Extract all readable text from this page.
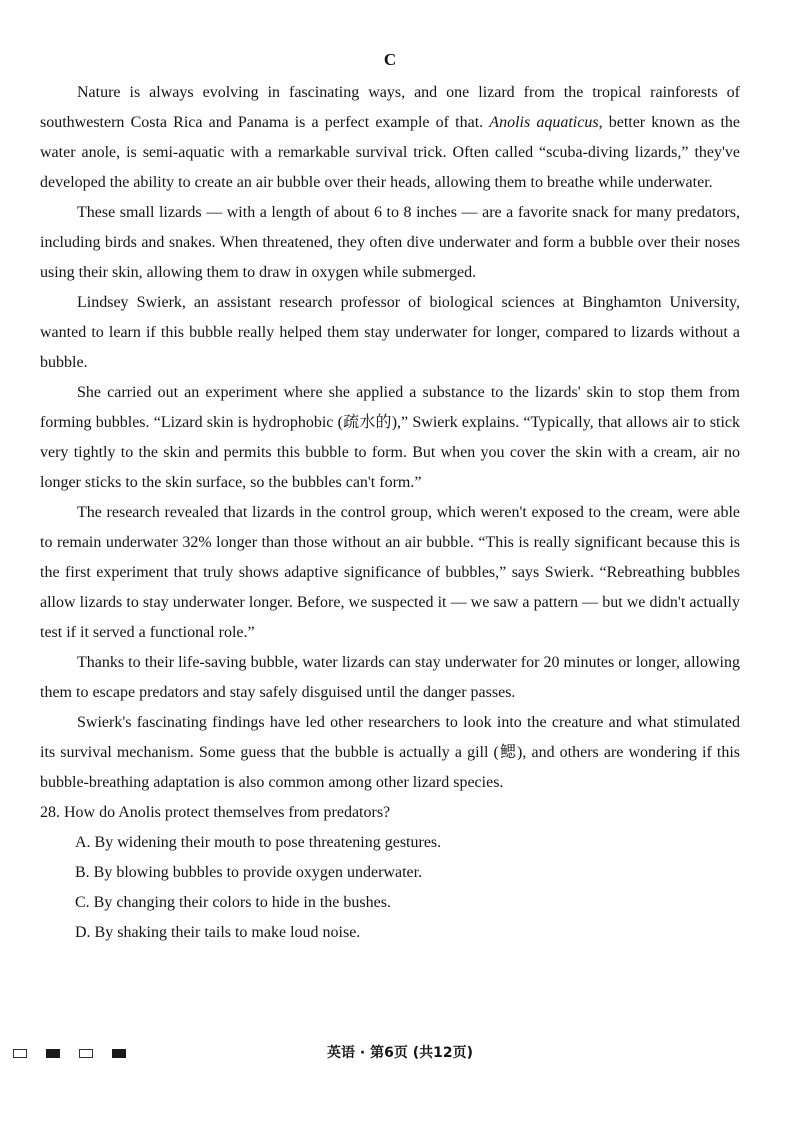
C

Nature is always evolving in fascinating ways, and one lizard from the tropical rainforests of southwestern Costa Rica and Panama is a perfect example of that. Anolis aquaticus, better known as the water anole, is semi-aquatic with a remarkable survival trick. Often called “scuba-diving lizards,” they've developed the ability to create an air bubble over their heads, allowing them to breathe while underwater.

These small lizards — with a length of about 6 to 8 inches — are a favorite snack for many predators, including birds and snakes. When threatened, they often dive underwater and form a bubble over their noses using their skin, allowing them to draw in oxygen while submerged.

Lindsey Swierk, an assistant research professor of biological sciences at Binghamton University, wanted to learn if this bubble really helped them stay underwater for longer, compared to lizards without a bubble.

She carried out an experiment where she applied a substance to the lizards' skin to stop them from forming bubbles. “Lizard skin is hydrophobic (疏水的),” Swierk explains. “Typically, that allows air to stick very tightly to the skin and permits this bubble to form. But when you cover the skin with a cream, air no longer sticks to the skin surface, so the bubbles can't form.”

The research revealed that lizards in the control group, which weren't exposed to the cream, were able to remain underwater 32% longer than those without an air bubble. “This is really significant because this is the first experiment that truly shows adaptive significance of bubbles,” says Swierk. “Rebreathing bubbles allow lizards to stay underwater longer. Before, we suspected it — we saw a pattern — but we didn't actually test if it served a functional role.”

Thanks to their life-saving bubble, water lizards can stay underwater for 20 minutes or longer, allowing them to escape predators and stay safely disguised until the danger passes.

Swierk's fascinating findings have led other researchers to look into the creature and what stimulated its survival mechanism. Some guess that the bubble is actually a gill (鳃), and others are wondering if this bubble-breathing adaptation is also common among other lizard species.

28. How do Anolis protect themselves from predators?

A. By widening their mouth to pose threatening gestures.
B. By blowing bubbles to provide oxygen underwater.
C. By changing their colors to hide in the bushes.
D. By shaking their tails to make loud noise.
英语 · 第6页 (共12页)
